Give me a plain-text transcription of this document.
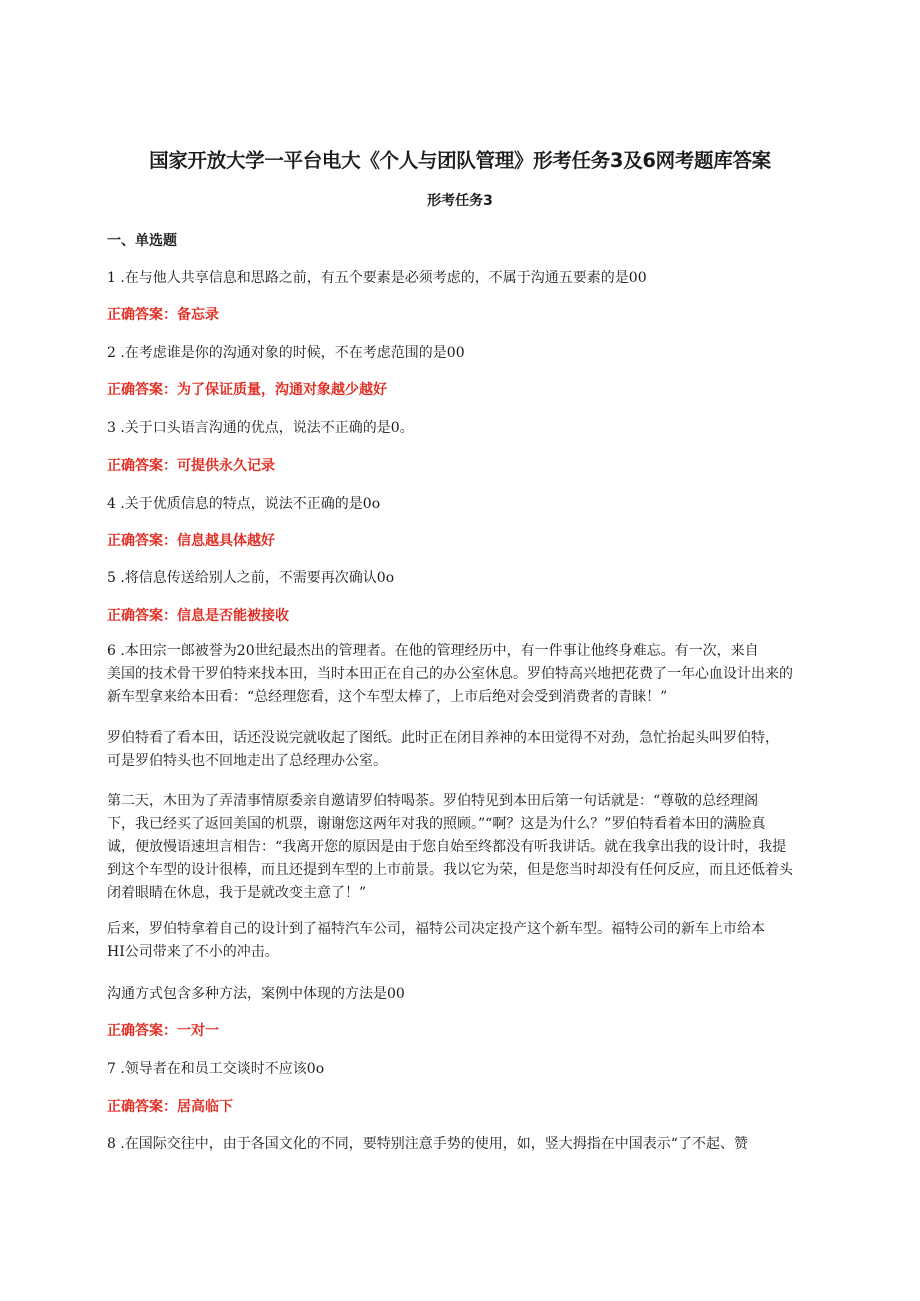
国家开放大学一平台电大《个人与团队管理》形考任务3及6网考题库答案
形考任务3
一、单选题
1 .在与他人共享信息和思路之前，有五个要素是必须考虑的，不属于沟通五要素的是00
正确答案：备忘录
2 .在考虑谁是你的沟通对象的时候，不在考虑范围的是00
正确答案：为了保证质量，沟通对象越少越好
3 .关于口头语言沟通的优点，说法不正确的是0。
正确答案：可提供永久记录
4 .关于优质信息的特点，说法不正确的是0o
正确答案：信息越具体越好
5 .将信息传送给别人之前，不需要再次确认0o
正确答案：信息是否能被接收
6 .本田宗一郎被誉为20世纪最杰出的管理者。在他的管理经历中，有一件事让他终身难忘。有一次，来自
美国的技术骨干罗伯特来找本田，当时本田正在自己的办公室休息。罗伯特高兴地把花费了一年心血设计出来的
新车型拿来给本田看：“总经理您看，这个车型太棒了，上市后绝对会受到消费者的青睐！”
罗伯特看了看本田，话还没说完就收起了图纸。此时正在闭目养神的本田觉得不对劲，急忙抬起头叫罗伯特，
可是罗伯特头也不回地走出了总经理办公室。
第二天，木田为了弄清事情原委亲自邀请罗伯特喝茶。罗伯特见到本田后第一句话就是：“尊敬的总经理阁
下，我已经买了返回美国的机票，谢谢您这两年对我的照顾。”“啊？这是为什么？”罗伯特看着本田的满脸真
诚，便放慢语速坦言相告：“我离开您的原因是由于您自始至终都没有听我讲话。就在我拿出我的设计时，我提
到这个车型的设计很棒，而且还提到车型的上市前景。我以它为荣，但是您当时却没有任何反应，而且还低着头
闭着眼睛在休息，我于是就改变主意了！”
后来，罗伯特拿着自己的设计到了福特汽车公司，福特公司决定投产这个新车型。福特公司的新车上市给本
HI公司带来了不小的冲击。
沟通方式包含多种方法，案例中体现的方法是00
正确答案：一对一
7 .领导者在和员工交谈时不应该0o
正确答案：居高临下
8 .在国际交往中，由于各国文化的不同，要特别注意手势的使用，如，竖大拇指在中国表示“了不起、赞
